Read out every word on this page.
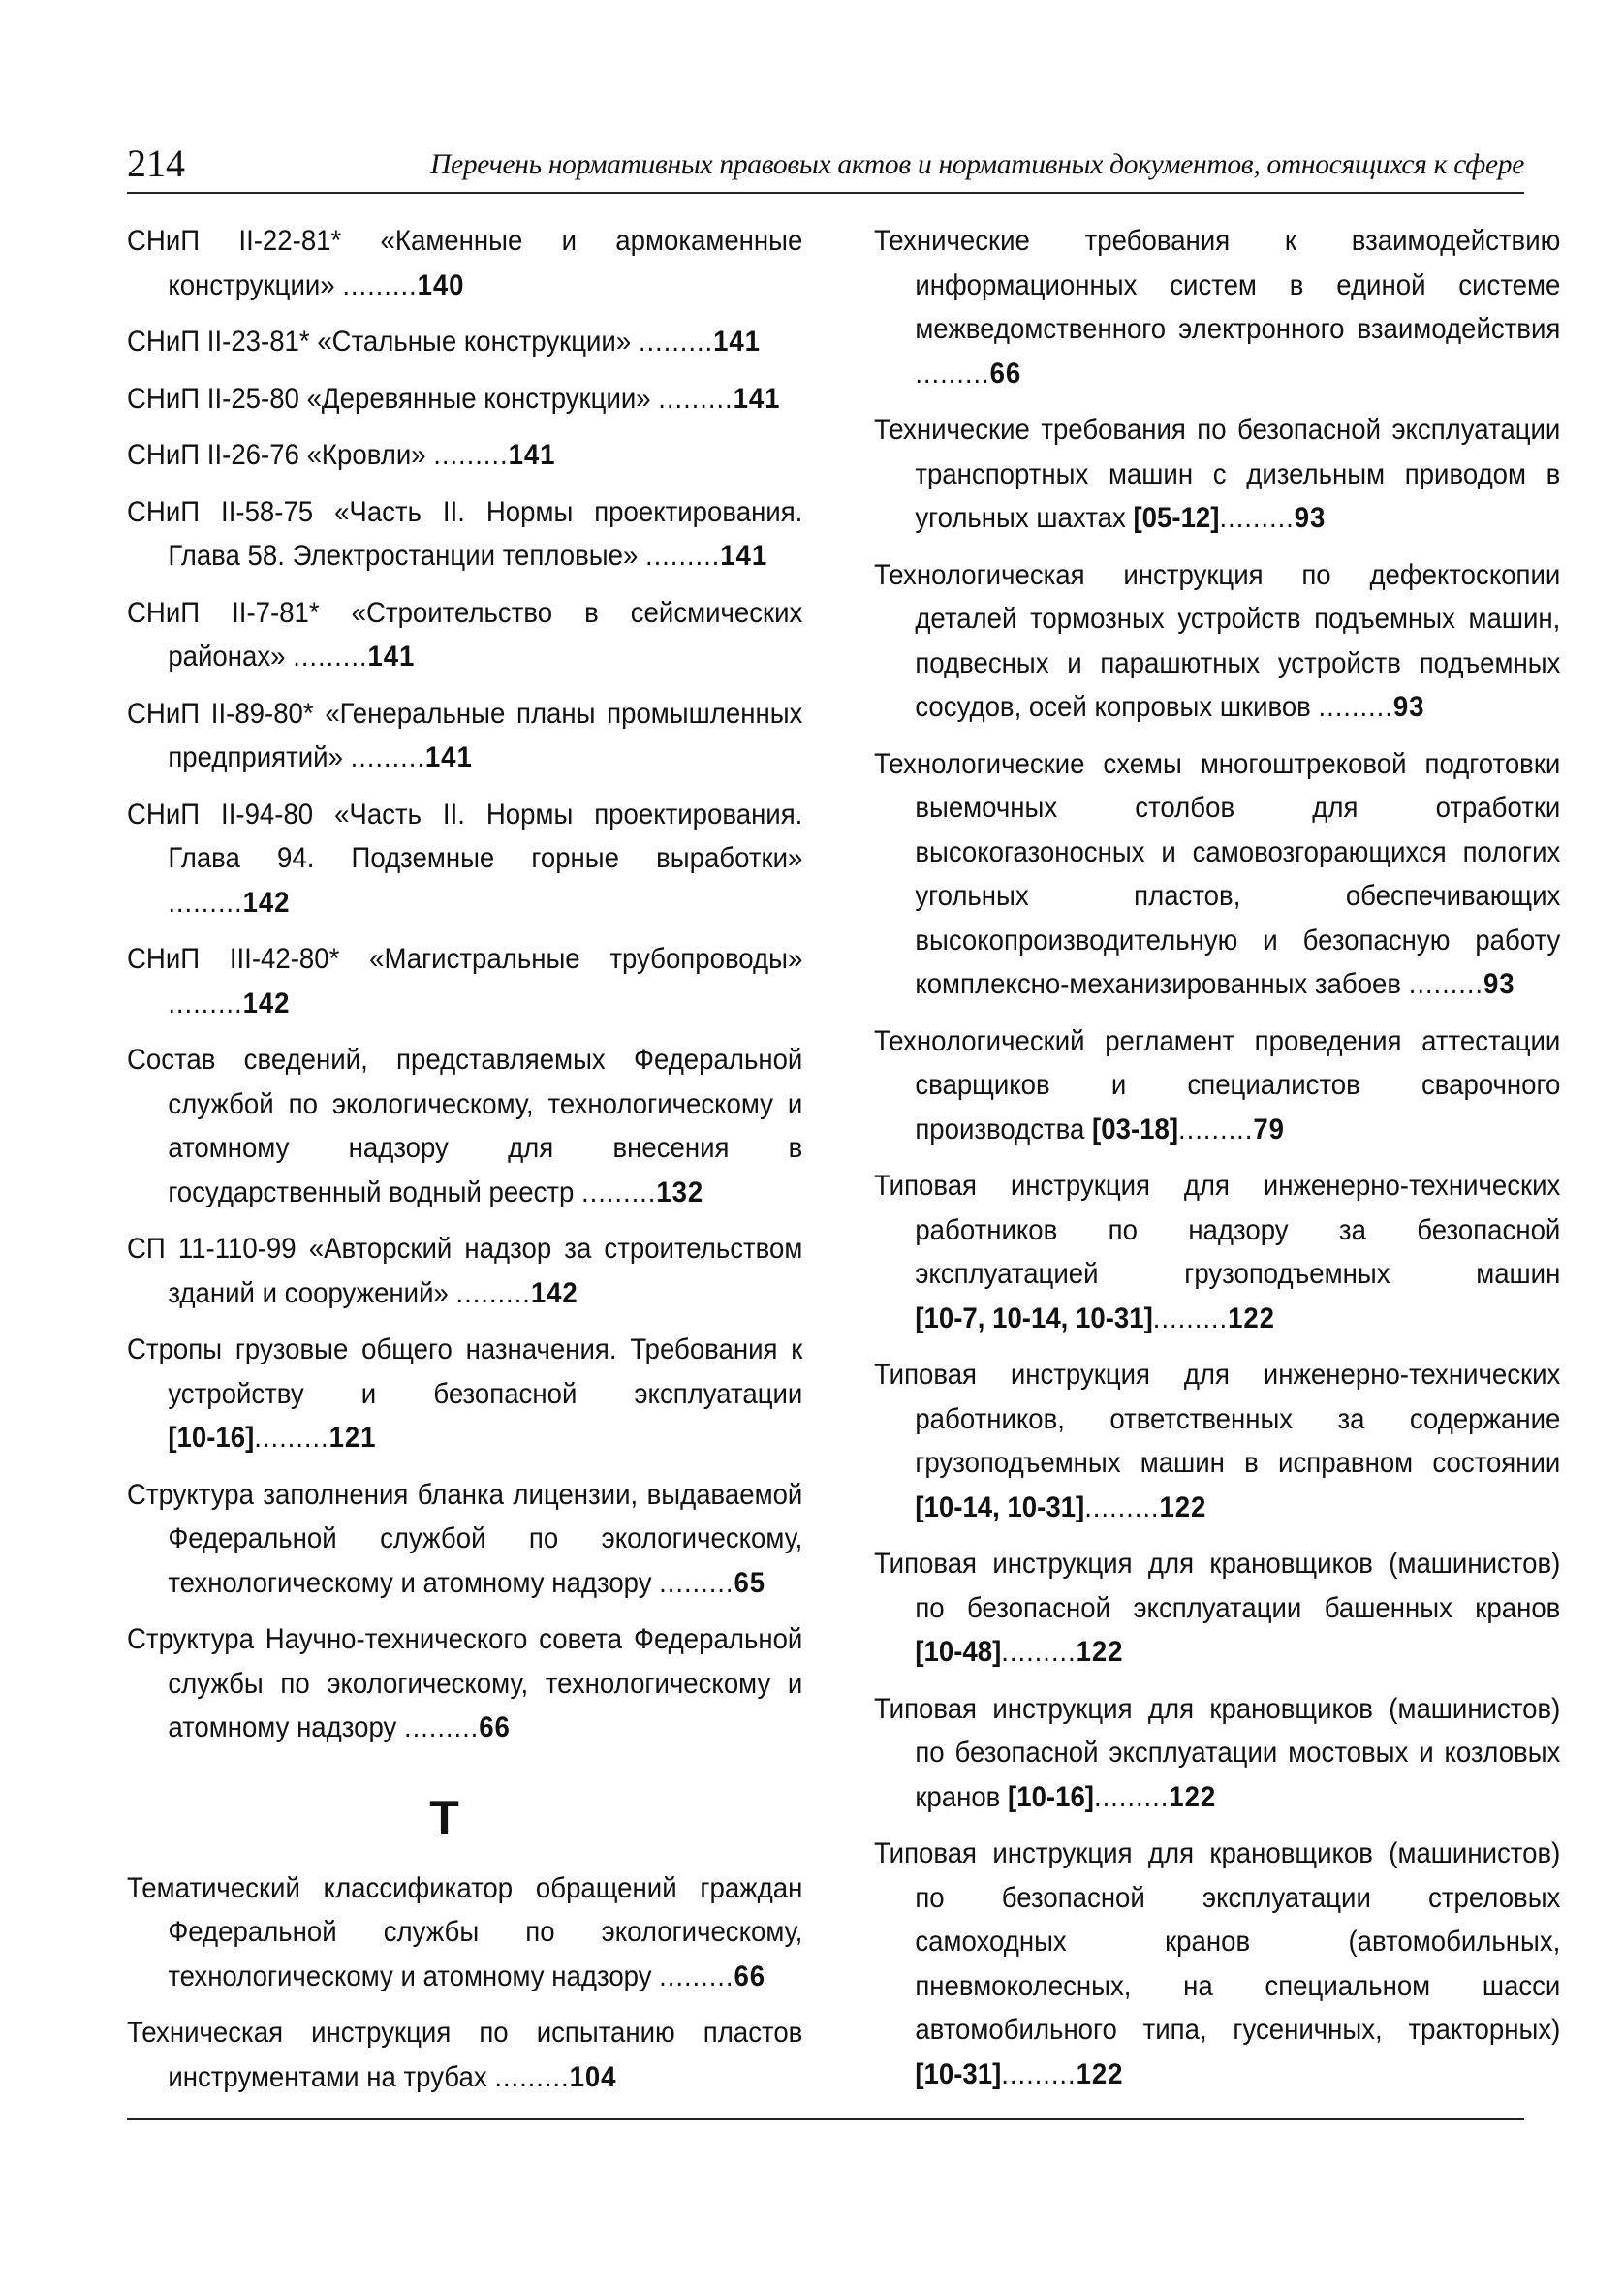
214	Перечень нормативных правовых актов и нормативных документов, относящихся к сфере
СНиП II-22-81* «Каменные и армокаменные конструкции» .........140
СНиП II-23-81* «Стальные конструкции» .........141
СНиП II-25-80 «Деревянные конструкции» .........141
СНиП II-26-76 «Кровли» .........141
СНиП II-58-75 «Часть II. Нормы проектирования. Глава 58. Электростанции тепловые» .........141
СНиП II-7-81* «Строительство в сейсмических районах» .........141
СНиП II-89-80* «Генеральные планы промышленных предприятий» .........141
СНиП II-94-80 «Часть II. Нормы проектирования. Глава 94. Подземные горные выработки» .........142
СНиП III-42-80* «Магистральные трубопроводы» .........142
Состав сведений, представляемых Федеральной службой по экологическому, технологическому и атомному надзору для внесения в государственный водный реестр .........132
СП 11-110-99 «Авторский надзор за строительством зданий и сооружений» .........142
Стропы грузовые общего назначения. Требования к устройству и безопасной эксплуатации [10-16].........121
Структура заполнения бланка лицензии, выдаваемой Федеральной службой по экологическому, технологическому и атомному надзору .........65
Структура Научно-технического совета Федеральной службы по экологическому, технологическому и атомному надзору .........66
Т
Тематический классификатор обращений граждан Федеральной службы по экологическому, технологическому и атомному надзору .........66
Техническая инструкция по испытанию пластов инструментами на трубах .........104
Технические требования к взаимодействию информационных систем в единой системе межведомственного электронного взаимодействия .........66
Технические требования по безопасной эксплуатации транспортных машин с дизельным приводом в угольных шахтах [05-12].........93
Технологическая инструкция по дефектоскопии деталей тормозных устройств подъемных машин, подвесных и парашютных устройств подъемных сосудов, осей копровых шкивов .........93
Технологические схемы многоштрековой подготовки выемочных столбов для отработки высокогазоносных и самовозгорающихся пологих угольных пластов, обеспечивающих высокопроизводительную и безопасную работу комплексно-механизированных забоев .........93
Технологический регламент проведения аттестации сварщиков и специалистов сварочного производства [03-18].........79
Типовая инструкция для инженерно-технических работников по надзору за безопасной эксплуатацией грузоподъемных машин [10-7, 10-14, 10-31].........122
Типовая инструкция для инженерно-технических работников, ответственных за содержание грузоподъемных машин в исправном состоянии [10-14, 10-31].........122
Типовая инструкция для крановщиков (машинистов) по безопасной эксплуатации башенных кранов [10-48].........122
Типовая инструкция для крановщиков (машинистов) по безопасной эксплуатации мостовых и козловых кранов [10-16].........122
Типовая инструкция для крановщиков (машинистов) по безопасной эксплуатации стреловых самоходных кранов (автомобильных, пневмоколесных, на специальном шасси автомобильного типа, гусеничных, тракторных) [10-31].........122
